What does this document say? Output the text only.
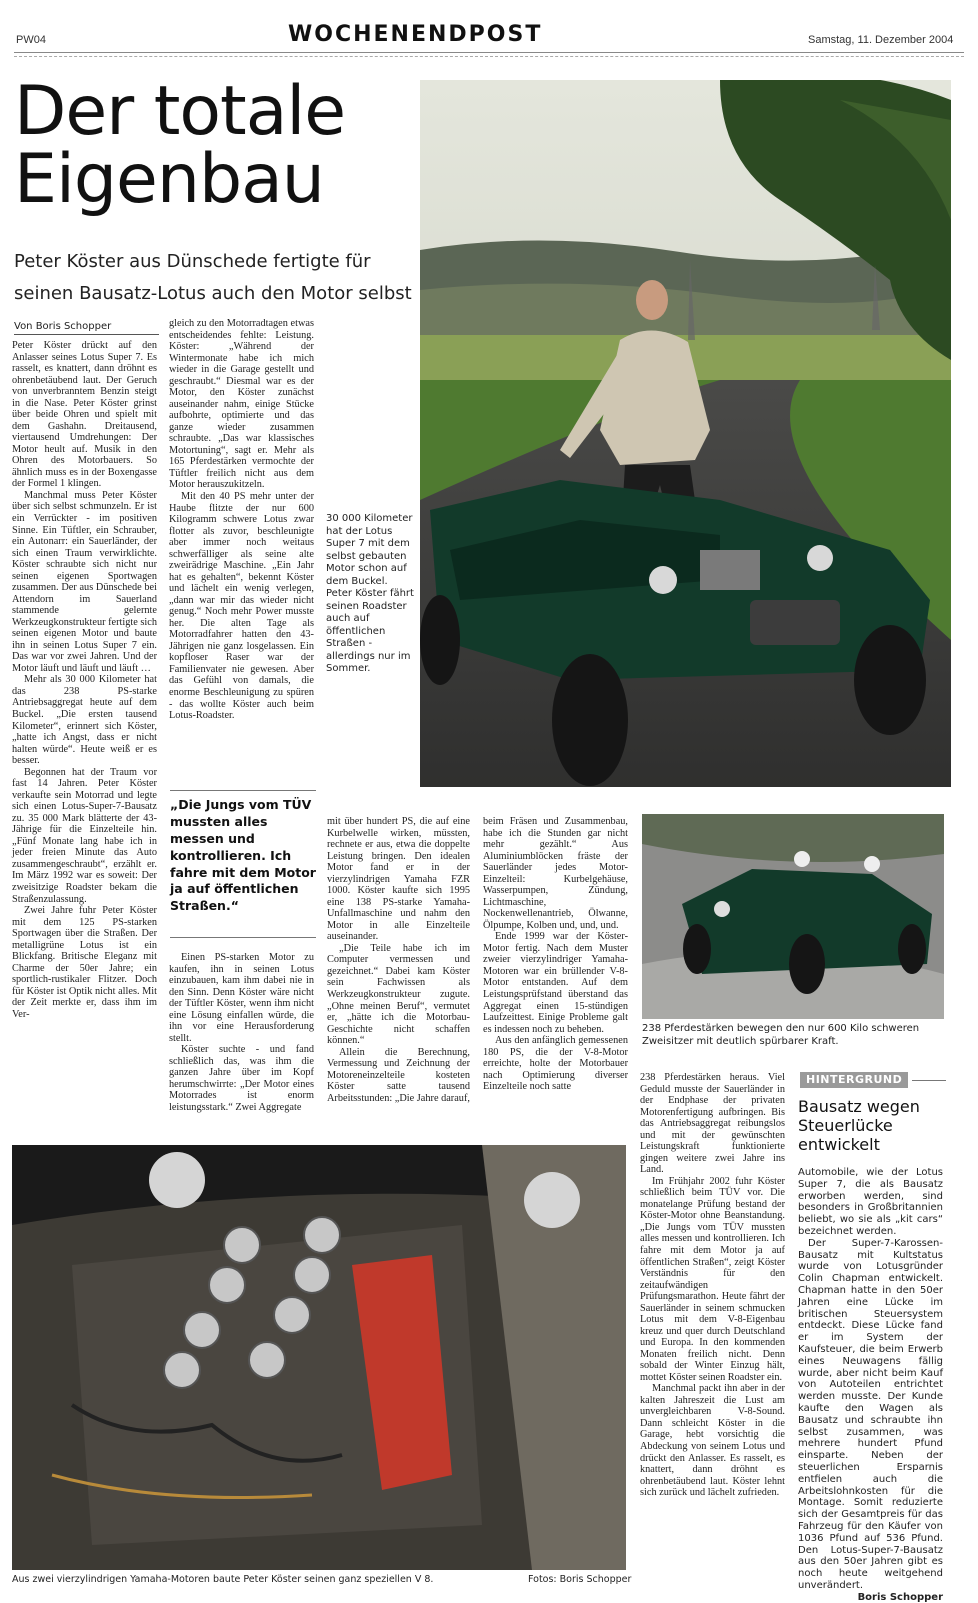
PW04	WOCHENENDPOST	Samstag, 11. Dezember 2004
Der totale
Eigenbau
Peter Köster aus Dünschede fertigte für
seinen Bausatz-Lotus auch den Motor selbst
Von Boris Schopper
30 000 Kilometer hat der Lotus Super 7 mit dem selbst gebauten Motor schon auf dem Buckel. Peter Köster fährt seinen Roadster auch auf öffentlichen Straßen - allerdings nur im Sommer.

Peter Köster drückt auf den Anlasser seines Lotus Super 7. Es rasselt, es knattert, dann dröhnt es ohrenbetäubend laut. Der Geruch von unverbranntem Benzin steigt in die Nase. Peter Köster grinst über beide Ohren und spielt mit dem Gashahn. Dreitausend, viertausend Umdrehungen: Der Motor heult auf. Musik in den Ohren des Motorbauers. So ähnlich muss es in der Boxengasse der Formel 1 klingen.

Manchmal muss Peter Köster über sich selbst schmunzeln. Er ist ein Verrückter - im positiven Sinne. Ein Tüftler, ein Schrauber, ein Autonarr: ein Sauerländer, der sich einen Traum verwirklichte. Köster schraubte sich nicht nur seinen eigenen Sportwagen zusammen. Der aus Dünschede bei Attendorn im Sauerland stammende gelernte Werkzeugkonstrukteur fertigte sich seinen eigenen Motor und baute ihn in seinen Lotus Super 7 ein. Das war vor zwei Jahren. Und der Motor läuft und läuft und läuft …

Mehr als 30 000 Kilometer hat das 238 PS-starke Antriebsaggregat heute auf dem Buckel. „Die ersten tausend Kilometer“, erinnert sich Köster, „hatte ich Angst, dass er nicht halten würde“. Heute weiß er es besser.

Begonnen hat der Traum vor fast 14 Jahren. Peter Köster verkaufte sein Motorrad und legte sich einen Lotus-Super-7-Bausatz zu. 35 000 Mark blätterte der 43-Jährige für die Einzelteile hin. „Fünf Monate lang habe ich in jeder freien Minute das Auto zusammengeschraubt“, erzählt er. Im März 1992 war es soweit: Der zweisitzige Roadster bekam die Straßenzulassung.

Zwei Jahre fuhr Peter Köster mit dem 125 PS-starken Sportwagen über die Straßen. Der metalligrüne Lotus ist ein Blickfang. Britische Eleganz mit Charme der 50er Jahre; ein sportlich-rustikaler Flitzer. Doch für Köster ist Optik nicht alles. Mit der Zeit merkte er, dass ihm im Ver-

gleich zu den Motorradtagen etwas entscheidendes fehlte: Leistung. Köster: „Während der Wintermonate habe ich mich wieder in die Garage gestellt und geschraubt.“ Diesmal war es der Motor, den Köster zunächst auseinander nahm, einige Stücke aufbohrte, optimierte und das ganze wieder zusammen schraubte. „Das war klassisches Motortuning“, sagt er. Mehr als 165 Pferdestärken vermochte der Tüftler freilich nicht aus dem Motor herauszukitzeln.

Mit den 40 PS mehr unter der Haube flitzte der nur 600 Kilogramm schwere Lotus zwar flotter als zuvor, beschleunigte aber immer noch weitaus schwerfälliger als seine alte zweirädrige Maschine. „Ein Jahr hat es gehalten“, bekennt Köster und lächelt ein wenig verlegen, „dann war mir das wieder nicht genug.“ Noch mehr Power musste her. Die alten Tage als Motorradfahrer hatten den 43-Jährigen nie ganz losgelassen. Ein kopfloser Raser war der Familienvater nie gewesen. Aber das Gefühl von damals, die enorme Beschleunigung zu spüren - das wollte Köster auch beim Lotus-Roadster.

„Die Jungs vom TÜV mussten alles messen und kontrollieren. Ich fahre mit dem Motor ja auf öffentlichen Straßen.“

Einen PS-starken Motor zu kaufen, ihn in seinen Lotus einzubauen, kam ihm dabei nie in den Sinn. Denn Köster wäre nicht der Tüftler Köster, wenn ihm nicht eine Lösung einfallen würde, die ihn vor eine Herausforderung stellt.

Köster suchte - und fand schließlich das, was ihm die ganzen Jahre über im Kopf herumschwirrte: „Der Motor eines Motorrades ist enorm leistungsstark.“ Zwei Aggregate

mit über hundert PS, die auf eine Kurbelwelle wirken, müssten, rechnete er aus, etwa die doppelte Leistung bringen. Den idealen Motor fand er in der vierzylindrigen Yamaha FZR 1000. Köster kaufte sich 1995 eine 138 PS-starke Yamaha-Unfallmaschine und nahm den Motor in alle Einzelteile auseinander.

„Die Teile habe ich im Computer vermessen und gezeichnet.“ Dabei kam Köster sein Fachwissen als Werkzeugkonstrukteur zugute. „Ohne meinen Beruf“, vermutet er, „hätte ich die Motorbau-Geschichte nicht schaffen können.“

Allein die Berechnung, Vermessung und Zeichnung der Motoreneinzelteile kosteten Köster satte tausend Arbeitsstunden: „Die Jahre darauf,

beim Fräsen und Zusammenbau, habe ich die Stunden gar nicht mehr gezählt.“ Aus Aluminiumblöcken fräste der Sauerländer jedes Motor-Einzelteil: Kurbelgehäuse, Wasserpumpen, Zündung, Lichtmaschine, Nockenwellenantrieb, Ölwanne, Ölpumpe, Kolben und, und, und.

Ende 1999 war der Köster-Motor fertig. Nach dem Muster zweier vierzylindriger Yamaha-Motoren war ein brüllender V-8-Motor entstanden. Auf dem Leistungsprüfstand überstand das Aggregat einen 15-stündigen Laufzeittest. Einige Probleme galt es indessen noch zu beheben.

Aus den anfänglich gemessenen 180 PS, die der V-8-Motor erreichte, holte der Motorbauer nach Optimierung diverser Einzelteile noch satte

238 Pferdestärken bewegen den nur 600 Kilo schweren Zweisitzer mit deutlich spürbarer Kraft.

238 Pferdestärken heraus. Viel Geduld musste der Sauerländer in der Endphase der privaten Motorenfertigung aufbringen. Bis das Antriebsaggregat reibungslos und mit der gewünschten Leistungskraft funktionierte gingen weitere zwei Jahre ins Land.

Im Frühjahr 2002 fuhr Köster schließlich beim TÜV vor. Die monatelange Prüfung bestand der Köster-Motor ohne Beanstandung. „Die Jungs vom TÜV mussten alles messen und kontrollieren. Ich fahre mit dem Motor ja auf öffentlichen Straßen“, zeigt Köster Verständnis für den zeitaufwändigen Prüfungsmarathon. Heute fährt der Sauerländer in seinem schmucken Lotus mit dem V-8-Eigenbau kreuz und quer durch Deutschland und Europa. In den kommenden Monaten freilich nicht. Denn sobald der Winter Einzug hält, mottet Köster seinen Roadster ein.

Manchmal packt ihn aber in der kalten Jahreszeit die Lust am unvergleichbaren V-8-Sound. Dann schleicht Köster in die Garage, hebt vorsichtig die Abdeckung von seinem Lotus und drückt den Anlasser. Es rasselt, es knattert, dann dröhnt es ohrenbetäubend laut. Köster lehnt sich zurück und lächelt zufrieden.

HINTERGRUND
Bausatz wegen Steuerlücke entwickelt

Automobile, wie der Lotus Super 7, die als Bausatz erworben werden, sind besonders in Großbritannien beliebt, wo sie als „kit cars“ bezeichnet werden.

Der Super-7-Karossen-Bausatz mit Kultstatus wurde von Lotusgründer Colin Chapman entwickelt. Chapman hatte in den 50er Jahren eine Lücke im britischen Steuersystem entdeckt. Diese Lücke fand er im System der Kaufsteuer, die beim Erwerb eines Neuwagens fällig wurde, aber nicht beim Kauf von Autoteilen entrichtet werden musste. Der Kunde kaufte den Wagen als Bausatz und schraubte ihn selbst zusammen, was mehrere hundert Pfund einsparte. Neben der steuerlichen Ersparnis entfielen auch die Arbeitslohnkosten für die Montage. Somit reduzierte sich der Gesamtpreis für das Fahrzeug für den Käufer von 1036 Pfund auf 536 Pfund. Den Lotus-Super-7-Bausatz aus den 50er Jahren gibt es noch heute weitgehend unverändert.

Boris Schopper
Aus zwei vierzylindrigen Yamaha-Motoren baute Peter Köster seinen ganz speziellen V 8.	Fotos: Boris Schopper
